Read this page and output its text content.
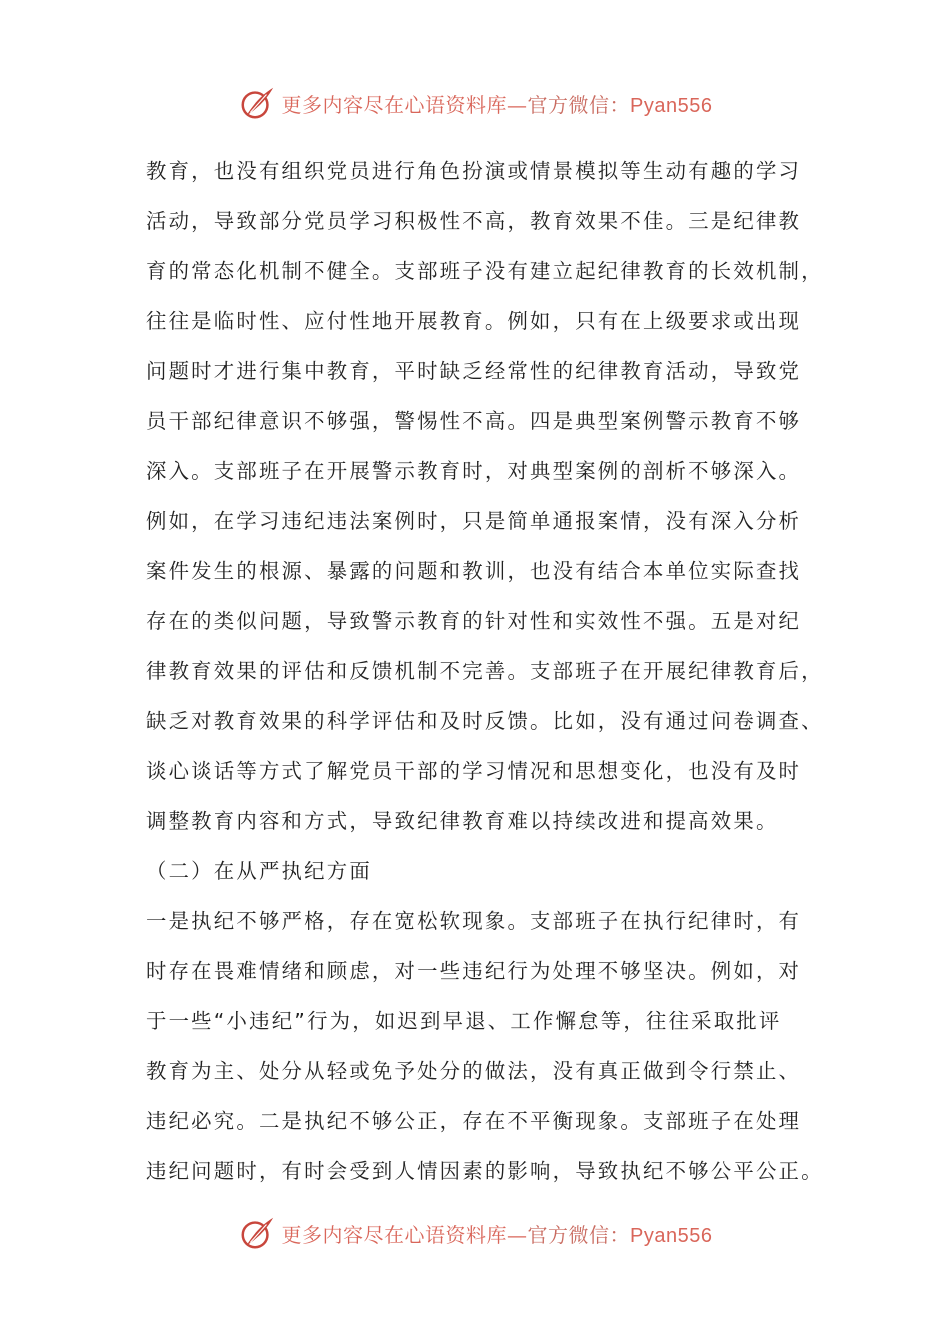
更多内容尽在心语资料库—官方微信：Pyan556
教育，也没有组织党员进行角色扮演或情景模拟等生动有趣的学习
活动，导致部分党员学习积极性不高，教育效果不佳。三是纪律教
育的常态化机制不健全。支部班子没有建立起纪律教育的长效机制，
往往是临时性、应付性地开展教育。例如，只有在上级要求或出现
问题时才进行集中教育，平时缺乏经常性的纪律教育活动，导致党
员干部纪律意识不够强，警惕性不高。四是典型案例警示教育不够
深入。支部班子在开展警示教育时，对典型案例的剖析不够深入。
例如，在学习违纪违法案例时，只是简单通报案情，没有深入分析
案件发生的根源、暴露的问题和教训，也没有结合本单位实际查找
存在的类似问题，导致警示教育的针对性和实效性不强。五是对纪
律教育效果的评估和反馈机制不完善。支部班子在开展纪律教育后，
缺乏对教育效果的科学评估和及时反馈。比如，没有通过问卷调查、
谈心谈话等方式了解党员干部的学习情况和思想变化，也没有及时
调整教育内容和方式，导致纪律教育难以持续改进和提高效果。
（二）在从严执纪方面
一是执纪不够严格，存在宽松软现象。支部班子在执行纪律时，有
时存在畏难情绪和顾虑，对一些违纪行为处理不够坚决。例如，对
于一些“小违纪”行为，如迟到早退、工作懈怠等，往往采取批评
教育为主、处分从轻或免予处分的做法，没有真正做到令行禁止、
违纪必究。二是执纪不够公正，存在不平衡现象。支部班子在处理
违纪问题时，有时会受到人情因素的影响，导致执纪不够公平公正。
更多内容尽在心语资料库—官方微信：Pyan556
